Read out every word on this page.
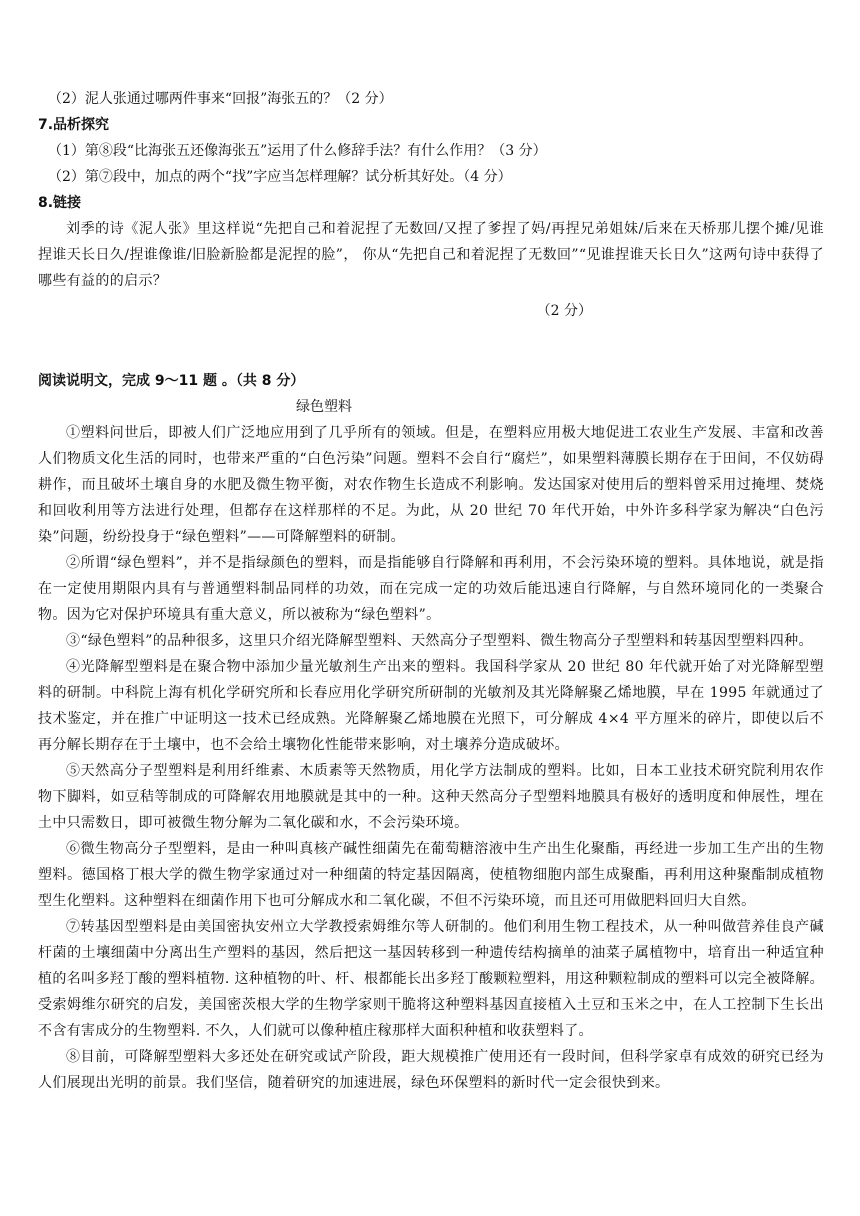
（2）泥人张通过哪两件事来“回报”海张五的？（2 分）
7.品析探究
（1）第⑧段“比海张五还像海张五”运用了什么修辞手法？有什么作用？（3 分）
（2）第⑦段中，加点的两个“找”字应当怎样理解？试分析其好处。（4 分）
8.链接
刘季的诗《泥人张》里这样说“先把自己和着泥捏了无数回/又捏了爹捏了妈/再捏兄弟姐妹/后来在天桥那儿摆个摊/见谁捏谁天长日久/捏谁像谁/旧脸新脸都是泥捏的脸”， 你从“先把自己和着泥捏了无数回”“见谁捏谁天长日久”这两句诗中获得了哪些有益的的启示？
（2 分）
阅读说明文，完成 9～11 题 。（共 8 分）
绿色塑料
①塑料问世后，即被人们广泛地应用到了几乎所有的领域。但是，在塑料应用极大地促进工农业生产发展、丰富和改善人们物质文化生活的同时，也带来严重的“白色污染”问题。塑料不会自行“腐烂”，如果塑料薄膜长期存在于田间，不仅妨碍耕作，而且破坏土壤自身的水肥及微生物平衡，对农作物生长造成不利影响。发达国家对使用后的塑料曾采用过掩埋、焚烧和回收利用等方法进行处理，但都存在这样那样的不足。为此，从 20 世纪 70 年代开始，中外许多科学家为解决“白色污染”问题，纷纷投身于“绿色塑料”——可降解塑料的研制。
②所谓“绿色塑料”，并不是指绿颜色的塑料，而是指能够自行降解和再利用，不会污染环境的塑料。具体地说，就是指在一定使用期限内具有与普通塑料制品同样的功效，而在完成一定的功效后能迅速自行降解，与自然环境同化的一类聚合物。因为它对保护环境具有重大意义，所以被称为“绿色塑料”。
③“绿色塑料”的品种很多，这里只介绍光降解型塑料、天然高分子型塑料、微生物高分子型塑料和转基因型塑料四种。
④光降解型塑料是在聚合物中添加少量光敏剂生产出来的塑料。我国科学家从 20 世纪 80 年代就开始了对光降解型塑料的研制。中科院上海有机化学研究所和长春应用化学研究所研制的光敏剂及其光降解聚乙烯地膜，早在 1995 年就通过了技术鉴定，并在推广中证明这一技术已经成熟。光降解聚乙烯地膜在光照下，可分解成 4×4 平方厘米的碎片，即使以后不再分解长期存在于土壤中，也不会给土壤物化性能带来影响，对土壤养分造成破坏。
⑤天然高分子型塑料是利用纤维素、木质素等天然物质，用化学方法制成的塑料。比如，日本工业技术研究院利用农作物下脚料，如豆秸等制成的可降解农用地膜就是其中的一种。这种天然高分子型塑料地膜具有极好的透明度和伸展性，埋在土中只需数日，即可被微生物分解为二氧化碳和水，不会污染环境。
⑥微生物高分子型塑料，是由一种叫真核产碱性细菌先在葡萄糖溶液中生产出生化聚酯，再经进一步加工生产出的生物塑料。德国格丁根大学的微生物学家通过对一种细菌的特定基因隔离，使植物细胞内部生成聚酯，再利用这种聚酯制成植物型生化塑料。这种塑料在细菌作用下也可分解成水和二氧化碳，不但不污染环境，而且还可用做肥料回归大自然。
⑦转基因型塑料是由美国密执安州立大学教授索姆维尔等人研制的。他们利用生物工程技术，从一种叫做营养佳良产碱杆菌的土壤细菌中分离出生产塑料的基因，然后把这一基因转移到一种遗传结构摘单的油菜子属植物中，培育出一种适宜种植的名叫多羟丁酸的塑料植物. 这种植物的叶、杆、根都能长出多羟丁酸颗粒塑料，用这种颗粒制成的塑料可以完全被降解。受索姆维尔研究的启发，美国密茨根大学的生物学家则干脆将这种塑料基因直接植入土豆和玉米之中，在人工控制下生长出不含有害成分的生物塑料. 不久，人们就可以像种植庄稼那样大面积种植和收获塑料了。
⑧目前，可降解型塑料大多还处在研究或试产阶段，距大规模推广使用还有一段时间，但科学家卓有成效的研究已经为人们展现出光明的前景。我们坚信，随着研究的加速进展，绿色环保塑料的新时代一定会很快到来。
